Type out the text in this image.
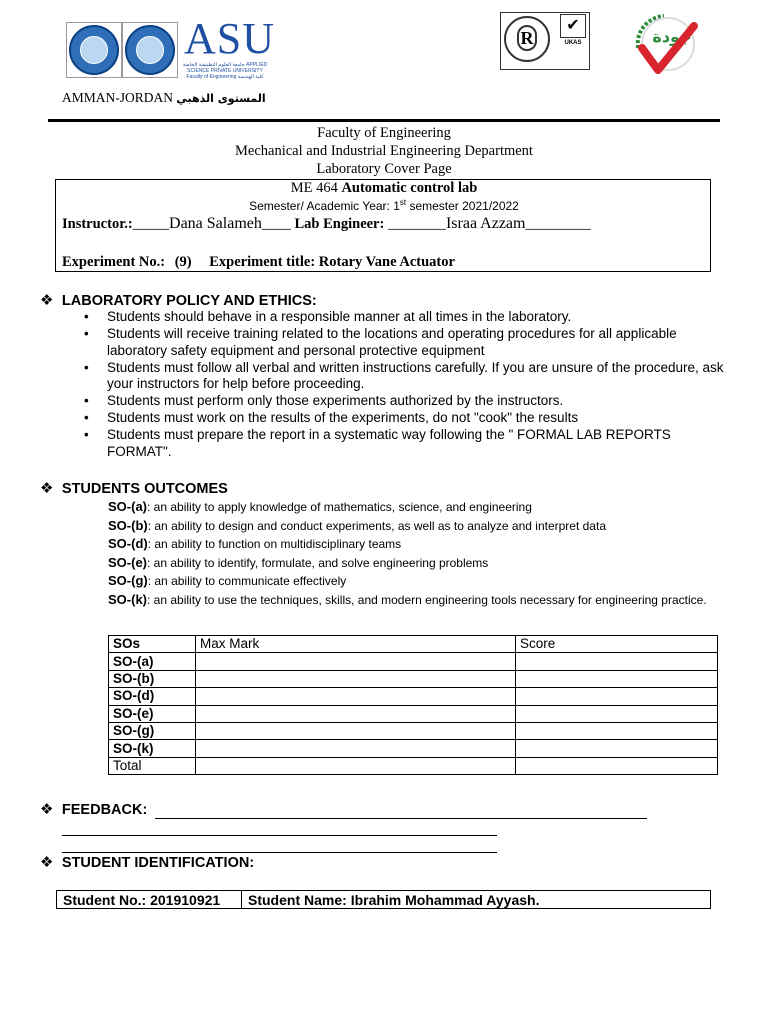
ASU
جامعة العلوم التطبيقية الخاصة APPLIED SCIENCE PRIVATE UNIVERSITY Faculty of Engineering كلية الهندسة
R
✔
UKAS	جودة
AMMAN-JORDAN المستوى الذهبي
Faculty of Engineering
Mechanical and Industrial Engineering Department
Laboratory Cover Page
ME 464 Automatic control lab
Semester/ Academic Year: 1st semester 2021/2022
Instructor.:_____Dana Salameh____ Lab Engineer: ________Israa Azzam_________
Experiment No.: (9) Experiment title: Rotary Vane Actuator
❖ LABORATORY POLICY AND ETHICS:
• Students should behave in a responsible manner at all times in the laboratory.
• Students will receive training related to the locations and operating procedures for all applicable laboratory safety equipment and personal protective equipment
• Students must follow all verbal and written instructions carefully. If you are unsure of the procedure, ask your instructors for help before proceeding.
• Students must perform only those experiments authorized by the instructors.
• Students must work on the results of the experiments, do not "cook" the results
• Students must prepare the report in a systematic way following the " FORMAL LAB REPORTS FORMAT".
❖ STUDENTS OUTCOMES
SO-(a): an ability to apply knowledge of mathematics, science, and engineering
SO-(b): an ability to design and conduct experiments, as well as to analyze and interpret data
SO-(d): an ability to function on multidisciplinary teams
SO-(e): an ability to identify, formulate, and solve engineering problems
SO-(g): an ability to communicate effectively
SO-(k): an ability to use the techniques, skills, and modern engineering tools necessary for engineering practice.
SOs	Max Mark	Score
SO-(a)		
SO-(b)		
SO-(d)		
SO-(e)		
SO-(g)		
SO-(k)		
Total		
❖ FEEDBACK:
❖ STUDENT IDENTIFICATION:
Student No.: 201910921 Student Name: Ibrahim Mohammad Ayyash.
